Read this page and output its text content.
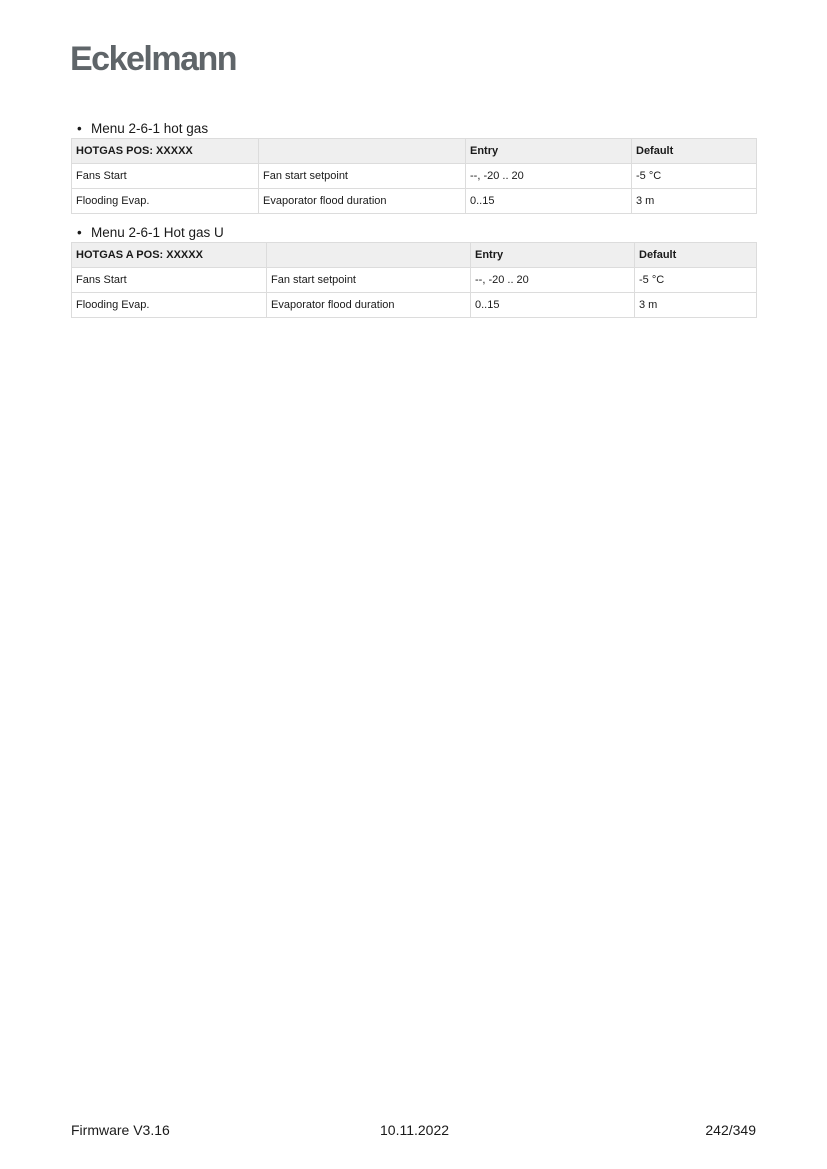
Eckelmann
• Menu 2-6-1 hot gas
HOTGAS POS: XXXXX		Entry	Default
Fans Start	Fan start setpoint	--, -20 .. 20	-5 °C
Flooding Evap.	Evaporator flood duration	0..15	3 m
• Menu 2-6-1 Hot gas U
HOTGAS A POS: XXXXX		Entry	Default
Fans Start	Fan start setpoint	--, -20 .. 20	-5 °C
Flooding Evap.	Evaporator flood duration	0..15	3 m
Firmware V3.16	10.11.2022	242/349
